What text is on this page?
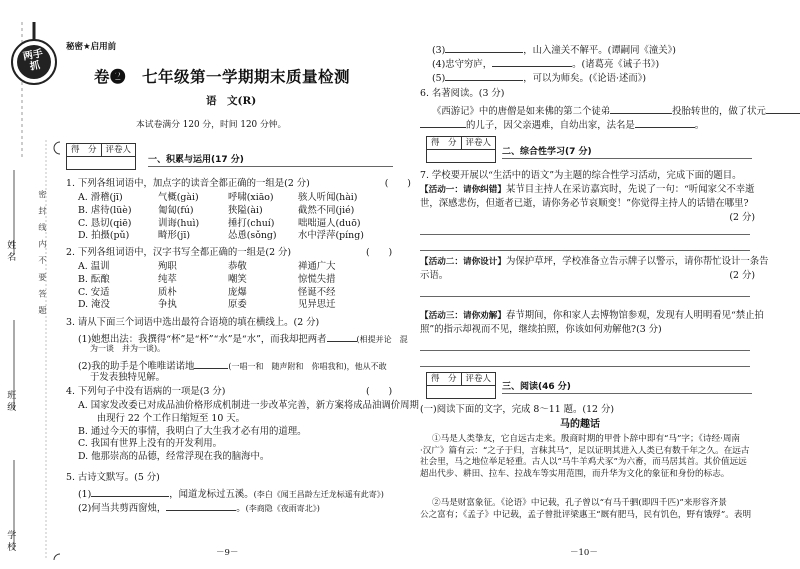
两手抓
密 封 线 内 不 要 答 题
姓名
班级
学校
秘密★启用前
卷❷　七年级第一学期期末质量检测
语　文(R)
本试卷满分 120 分，时间 120 分钟。
得　分	评卷人
一、积累与运用(17 分)
1. 下列各组词语中，加点字的读音全都正确的一组是(2 分)　　　　　　　　(　　)
A. 滑稽(jī)	气概(gài)	呼啸(xiāo)	骇人听闻(hài)
B. 虐待(lüè)	匍匐(fú)	狭隘(ài)	截然不同(jié)
C. 恳切(qiē)	训诲(huì)	捶打(chuí)	咄咄逼人(duō)
D. 拍摄(pǔ)	畸形(jī)	怂恿(sǒng)	水中浮萍(píng)
2. 下列各组词语中，汉字书写全都正确的一组是(2 分)　　　　　　　　(　　)
A. 温训	殉职	恭敬	禅通广大
B. 酝酿	纯萃	嘲笑	惊慌失措
C. 安适	质朴	庞爆	怪诞不经
D. 淹没	争执	原委	见异思迁
3. 请从下面三个词语中选出最符合语境的填在横线上。(2 分)
(1)她想出法：我撰得“杯”是“杯”“水”是“水”，而我却把两者	(相提并论　混
为一谈　并为一谈)。
(2)我的助手是个唯唯诺诺地	(一唱一和　随声附和　你唱我和)，他从不敢
于发表独特见解。
4. 下列句子中没有语病的一项是(3 分)　　　　　　　　　　　　　　　(　　)
A. 国家发改委已对成品油价格形成机制进一步改革完善，新方案将成品油调价周期
　　由现行 22 个工作日缩短至 10 天。
B. 通过今天的事情，我明白了大生我才必有用的道理。
C. 我国有世界上没有的开发利用。
D. 他那崇高的品德，经常浮现在我的脑海中。
5. 古诗文默写。(5 分)
(1)	，闻道龙标过五溪。(李白《闻王昌龄左迁龙标遥有此寄》)
(2)何当共剪西窗烛，	。(李商隐《夜雨寄北》)
－9－
(3)	，山入潼关不解平。(谭嗣同《潼关》)
(4)忠守穷庐，	。(诸葛亮《诫子书》)
(5)	，可以为师矣。(《论语·述而》)
6. 名著阅读。(3 分)
《西游记》中的唐僧是如来佛的第二个徒弟	投胎转世的，做了状元
的儿子，因父亲遇难，自幼出家，法名是	。
得　分	评卷人
二、综合性学习(7 分)
7. 学校要开展以“生活中的语文”为主题的综合性学习活动，完成下面的题目。
【活动一：请你纠错】某节目主持人在采访嘉宾时，先说了一句：“听闻家父不幸逝
世，深感悲伤，但逝者已逝，请你务必节哀顺变！”你觉得主持人的话错在哪里?
(2 分)
【活动二：请你设计】为保护草坪，学校准备立告示牌子以警示，请你帮忙设计一条告
示语。	(2 分)
【活动三：请你劝解】春节期间，你和家人去博物馆参观，发现有人明明看见“禁止拍
照”的指示却视而不见，继续拍照，你该如何劝解他?(3 分)
得　分	评卷人
三、阅读(46 分)
(一)阅读下面的文字，完成 8～11 题。(12 分)
马的趣话
①马是人类挚友，它自远古走来。殷商时期的甲骨卜辞中即有“马”字；《诗经·周南
·汉广》篇有云：“之子于归，言秣其马”，足以证明其进入人类已有数千年之久。在远古
社会里，马之地位举足轻重。古人以“马牛羊鸡犬豕”为六畜，而马居其首。其价值远远
超出代步、耕田、拉车、拉战车等实用范围，而升华为文化的象征和身份的标志。
②马是财富象征。《论语》中记载，孔子曾以“有马千驷(即四千匹)”来形容齐景
公之富有；《孟子》中记载，孟子曾批评梁惠王“厩有肥马，民有饥色，野有饿殍”。表明
－10－
